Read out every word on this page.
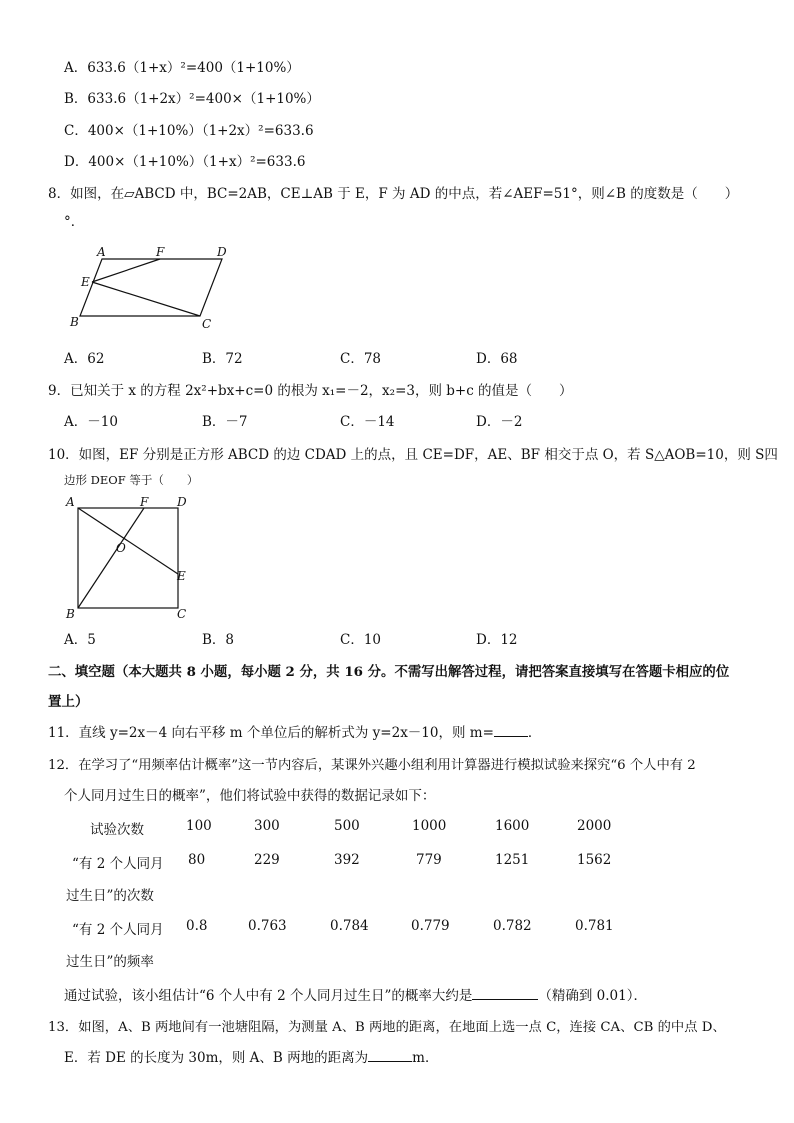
A．633.6（1+x）²=400（1+10%）
B．633.6（1+2x）²=400×（1+10%）
C．400×（1+10%）（1+2x）²=633.6
D．400×（1+10%）（1+x）²=633.6
8．如图，在▱ABCD 中，BC=2AB，CE⊥AB 于 E，F 为 AD 的中点，若∠AEF=51°，则∠B 的度数是（　　）
°．
A	F	D
E
B	C
A．62	B．72	C．78	D．68
9．已知关于 x 的方程 2x²+bx+c=0 的根为 x₁=－2，x₂=3，则 b+c 的值是（　　）
A．－10	B．－7	C．－14	D．－2
10．如图，EF 分别是正方形 ABCD 的边 CDAD 上的点，且 CE=DF，AE、BF 相交于点 O，若 S△AOB=10，则 S四
边形 DEOF 等于（　　）
A	F D
O
E
B	C
A．5	B．8	C．10	D．12
二、填空题（本大题共 8 小题，每小题 2 分，共 16 分。不需写出解答过程，请把答案直接填写在答题卡相应的位
置上）
11．直线 y=2x－4 向右平移 m 个单位后的解析式为 y=2x－10，则 m=	．
12．在学习了“用频率估计概率”这一节内容后，某课外兴趣小组利用计算器进行模拟试验来探究“6 个人中有 2
个人同月过生日的概率”，他们将试验中获得的数据记录如下：
试验次数	100	300	500	1000	1600	2000
“有 2 个人同月 80	229	392	779	1251	1562
过生日”的次数
“有 2 个人同月 0.8	0.763	0.784	0.779	0.782	0.781
过生日”的频率
通过试验，该小组估计“6 个人中有 2 个人同月过生日”的概率大约是	（精确到 0.01）．
13．如图，A、B 两地间有一池塘阻隔，为测量 A、B 两地的距离，在地面上选一点 C，连接 CA、CB 的中点 D、
E．若 DE 的长度为 30m，则 A、B 两地的距离为	m．
